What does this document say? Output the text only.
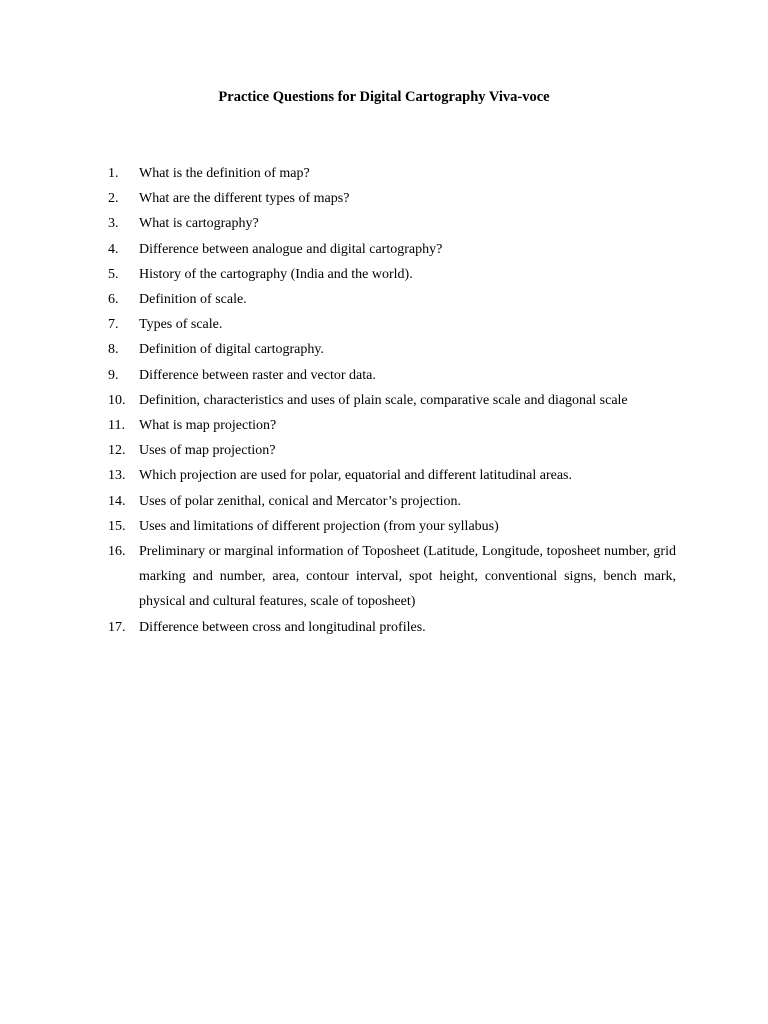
Practice Questions for Digital Cartography Viva-voce
1.	What is the definition of map?
2.	What are the different types of maps?
3.	What is cartography?
4.	Difference between analogue and digital cartography?
5.	History of the cartography (India and the world).
6.	Definition of scale.
7.	Types of scale.
8.	Definition of digital cartography.
9.	Difference between raster and vector data.
10. Definition, characteristics and uses of plain scale, comparative scale and diagonal scale
11.	What is map projection?
12. Uses of map projection?
13. Which projection are used for polar, equatorial and different latitudinal areas.
14. Uses of polar zenithal, conical and Mercator’s projection.
15. Uses and limitations of different projection (from your syllabus)
16. Preliminary or marginal information of Toposheet (Latitude, Longitude, toposheet number, grid marking and number, area, contour interval, spot height, conventional signs, bench mark, physical and cultural features, scale of toposheet)
17. Difference between cross and longitudinal profiles.
